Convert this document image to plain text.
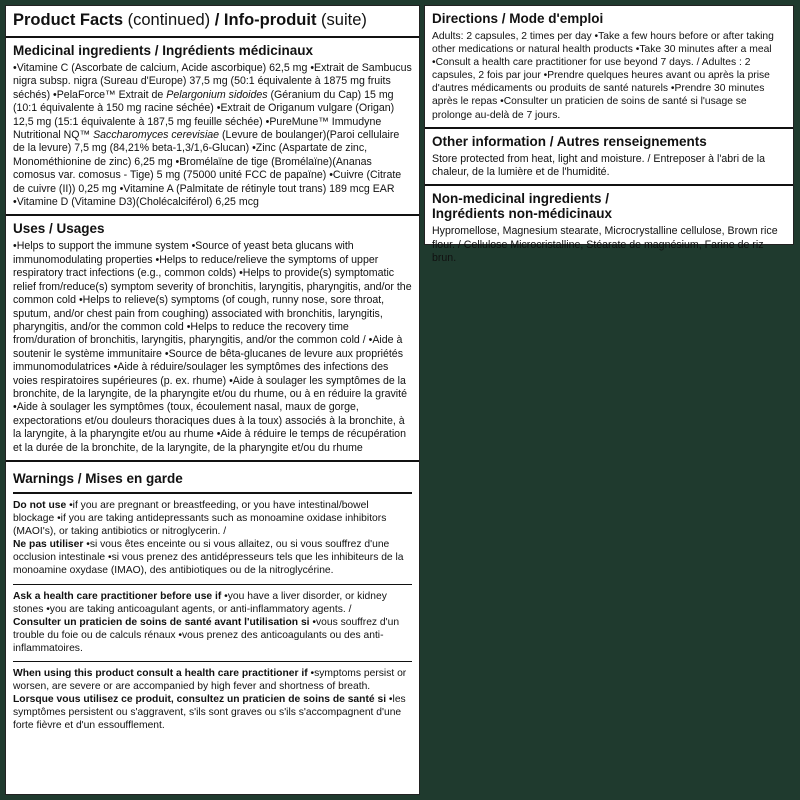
Product Facts (continued) / Info-produit (suite)
Medicinal ingredients / Ingrédients médicinaux

•Vitamine C (Ascorbate de calcium, Acide ascorbique) 62,5 mg •Extrait de Sambucus nigra subsp. nigra (Sureau d'Europe) 37,5 mg (50:1 équivalente à 1875 mg fruits séchés) •PelaForce™ Extrait de Pelargonium sidoides (Géranium du Cap) 15 mg (10:1 équivalente à 150 mg racine séchée) •Extrait de Origanum vulgare (Origan) 12,5 mg (15:1 équivalente à 187,5 mg feuille séchée) •PureMune™ Immudyne Nutritional NQ™ Saccharomyces cerevisiae (Levure de boulanger)(Paroi cellulaire de la levure) 7,5 mg (84,21% beta-1,3/1,6-Glucan) •Zinc (Aspartate de zinc, Monométhionine de zinc) 6,25 mg •Bromélaïne de tige (Bromélaïne)(Ananas comosus var. comosus - Tige) 5 mg (75000 unité FCC de papaïne) •Cuivre (Citrate de cuivre (II)) 0,25 mg •Vitamine A (Palmitate de rétinyle tout trans) 189 mcg EAR •Vitamine D (Vitamine D3)(Cholécalciférol) 6,25 mcg

Uses / Usages

•Helps to support the immune system •Source of yeast beta glucans with immunomodulating properties •Helps to reduce/relieve the symptoms of upper respiratory tract infections (e.g., common colds) •Helps to provide(s) symptomatic relief from/reduce(s) symptom severity of bronchitis, laryngitis, pharyngitis, and/or the common cold •Helps to relieve(s) symptoms (of cough, runny nose, sore throat, sputum, and/or chest pain from coughing) associated with bronchitis, laryngitis, pharyngitis, and/or the common cold •Helps to reduce the recovery time from/duration of bronchitis, laryngitis, pharyngitis, and/or the common cold / •Aide à soutenir le système immunitaire •Source de bêta-glucanes de levure aux propriétés immunomodulatrices •Aide à réduire/soulager les symptômes des infections des voies respiratoires supérieures (p. ex. rhume) •Aide à soulager les symptômes de la bronchite, de la laryngite, de la pharyngite et/ou du rhume, ou à en réduire la gravité •Aide à soulager les symptômes (toux, écoulement nasal, maux de gorge, expectorations et/ou douleurs thoraciques dues à la toux) associés à la bronchite, à la laryngite, à la pharyngite et/ou au rhume •Aide à réduire le temps de récupération et la durée de la bronchite, de la laryngite, de la pharyngite et/ou du rhume

Warnings / Mises en garde

Do not use •if you are pregnant or breastfeeding, or you have intestinal/bowel blockage •if you are taking antidepressants such as monoamine oxidase inhibitors (MAOI's), or taking antibiotics or nitroglycerin. /
Ne pas utiliser •si vous êtes enceinte ou si vous allaitez, ou si vous souffrez d'une occlusion intestinale •si vous prenez des antidépresseurs tels que les inhibiteurs de la monoamine oxydase (IMAO), des antibiotiques ou de la nitroglycérine.

Ask a health care practitioner before use if •you have a liver disorder, or kidney stones •you are taking anticoagulant agents, or anti-inflammatory agents. /
Consulter un praticien de soins de santé avant l'utilisation si •vous souffrez d'un trouble du foie ou de calculs rénaux •vous prenez des anticoagulants ou des anti-inflammatoires.

When using this product consult a health care practitioner if •symptoms persist or worsen, are severe or are accompanied by high fever and shortness of breath.
Lorsque vous utilisez ce produit, consultez un praticien de soins de santé si •les symptômes persistent ou s'aggravent, s'ils sont graves ou s'ils s'accompagnent d'une forte fièvre et d'un essoufflement.

Directions / Mode d'emploi

Adults: 2 capsules, 2 times per day •Take a few hours before or after taking other medications or natural health products •Take 30 minutes after a meal •Consult a health care practitioner for use beyond 7 days. / Adultes : 2 capsules, 2 fois par jour •Prendre quelques heures avant ou après la prise d'autres médicaments ou produits de santé naturels •Prendre 30 minutes après le repas •Consulter un praticien de soins de santé si l'usage se prolonge au-delà de 7 jours.

Other information / Autres renseignements

Store protected from heat, light and moisture. / Entreposer à l'abri de la chaleur, de la lumière et de l'humidité.

Non-medicinal ingredients /
Ingrédients non-médicinaux

Hypromellose, Magnesium stearate, Microcrystalline cellulose, Brown rice flour. / Cellulose Microcristalline, Stéarate de magnésium, Farine de riz brun.
